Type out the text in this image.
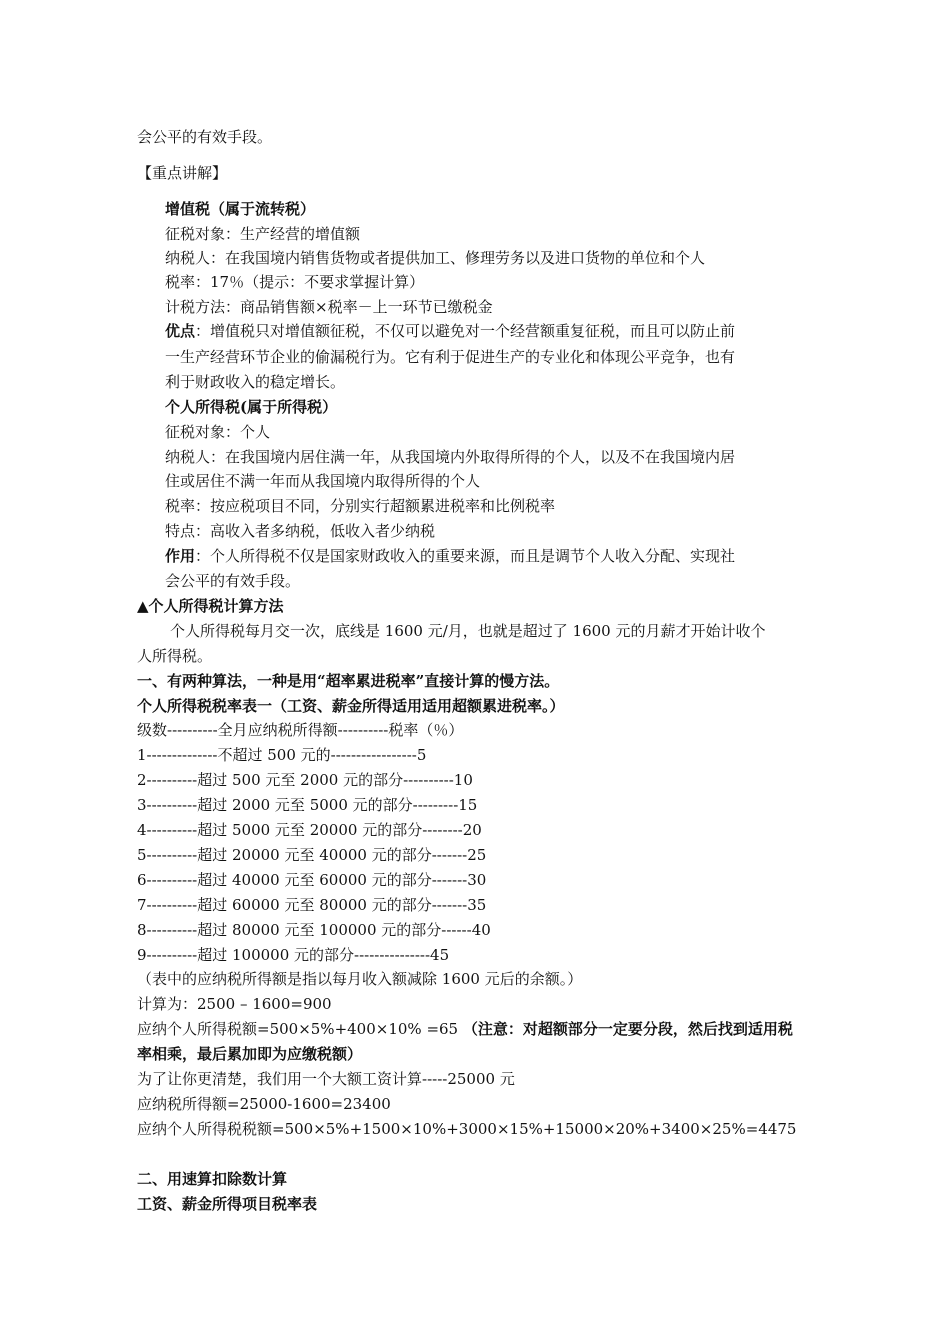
会公平的有效手段。
【重点讲解】
增值税（属于流转税）
征税对象：生产经营的增值额
纳税人：在我国境内销售货物或者提供加工、修理劳务以及进口货物的单位和个人
税率：17％（提示：不要求掌握计算）
计税方法：商品销售额×税率－上一环节已缴税金
优点：增值税只对增值额征税，不仅可以避免对一个经营额重复征税，而且可以防止前
一生产经营环节企业的偷漏税行为。它有利于促进生产的专业化和体现公平竞争，也有
利于财政收入的稳定增长。
个人所得税(属于所得税）
征税对象：个人
纳税人：在我国境内居住满一年，从我国境内外取得所得的个人，以及不在我国境内居
住或居住不满一年而从我国境内取得所得的个人
税率：按应税项目不同，分别实行超额累进税率和比例税率
特点：高收入者多纳税，低收入者少纳税
作用：个人所得税不仅是国家财政收入的重要来源，而且是调节个人收入分配、实现社
会公平的有效手段。
▲个人所得税计算方法
个人所得税每月交一次，底线是 1600 元/月，也就是超过了 1600 元的月薪才开始计收个
人所得税。
一、有两种算法，一种是用“超率累进税率”直接计算的慢方法。
个人所得税税率表一（工资、薪金所得适用适用超额累进税率。）
级数----------全月应纳税所得额----------税率（％）
1--------------不超过 500 元的-----------------5
2----------超过 500 元至 2000 元的部分----------10
3----------超过 2000 元至 5000 元的部分---------15
4----------超过 5000 元至 20000 元的部分--------20
5----------超过 20000 元至 40000 元的部分-------25
6----------超过 40000 元至 60000 元的部分-------30
7----------超过 60000 元至 80000 元的部分-------35
8----------超过 80000 元至 100000 元的部分------40
9----------超过 100000 元的部分---------------45
（表中的应纳税所得额是指以每月收入额减除 1600 元后的余额。）
计算为：2500 – 1600=900
应纳个人所得税额=500×5%+400×10% =65 （注意：对超额部分一定要分段，然后找到适用税
率相乘，最后累加即为应缴税额）
为了让你更清楚，我们用一个大额工资计算-----25000 元
应纳税所得额=25000-1600=23400
应纳个人所得税税额=500×5%+1500×10%+3000×15%+15000×20%+3400×25%=4475
二、用速算扣除数计算
工资、薪金所得项目税率表
